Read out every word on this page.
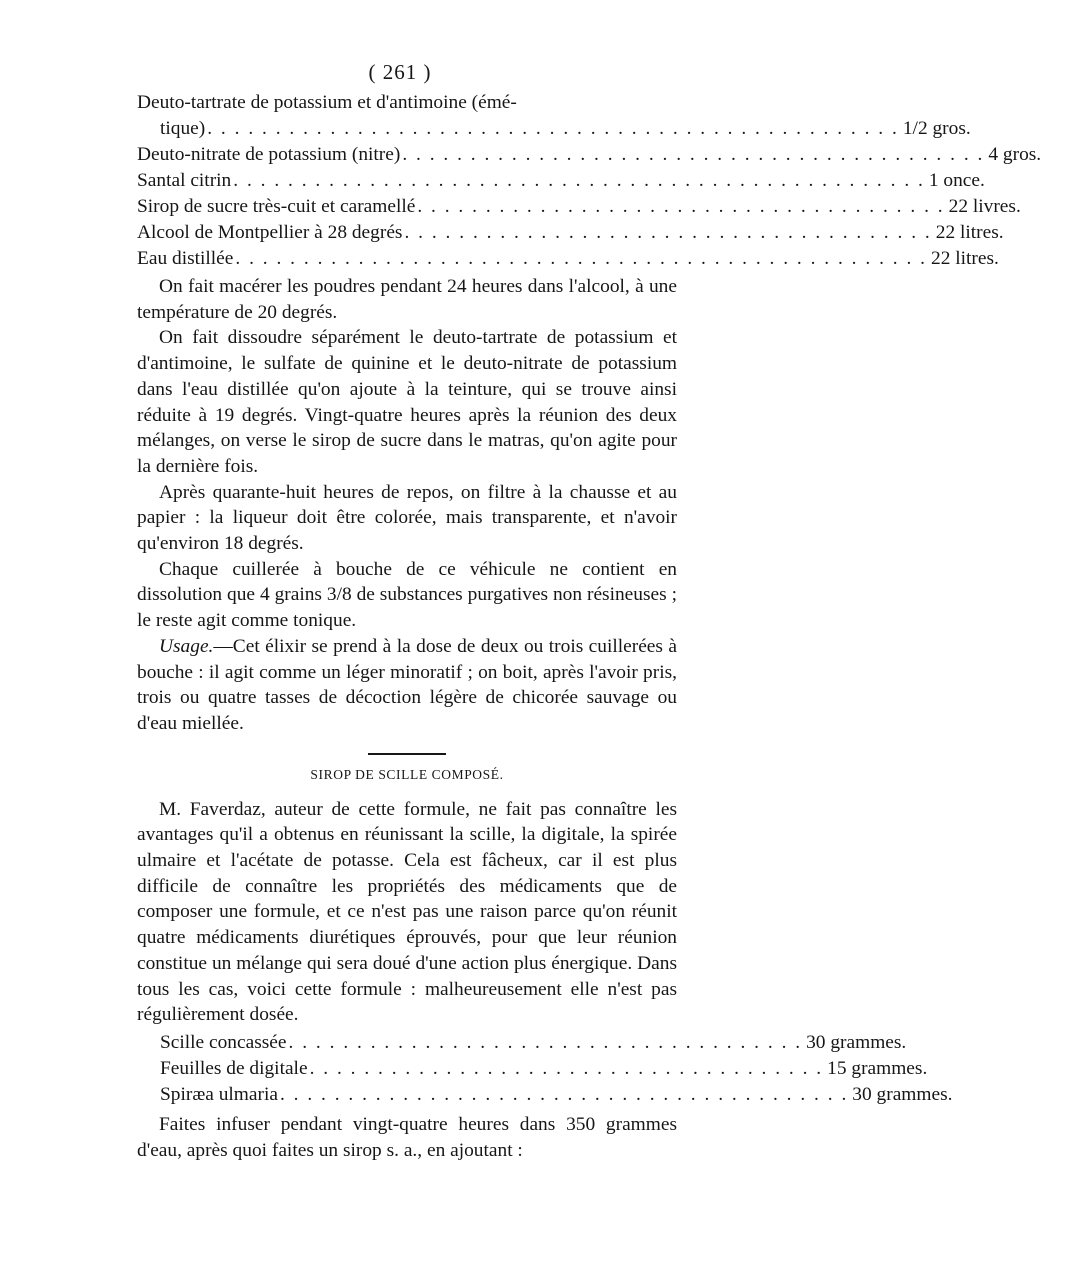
( 261 )
Deuto-tartrate de potassium et d'antimoine (émé-
tique) . . . . . . . . . . . . . . . . . . . . . . . . . . . . . . . . . . . . . . . . . . . . . . . . . . . 1/2 gros.
Deuto-nitrate de potassium (nitre) . . . . . . . . . . . . . . . . . . . . . . . . . . . . . . . . . . . . . . . . . . . 4 gros.
Santal citrin . . . . . . . . . . . . . . . . . . . . . . . . . . . . . . . . . . . . . . . . . . . . . . . . . . . 1 once.
Sirop de sucre très-cuit et caramellé . . . . . . . . . . . . . . . . . . . . . . . . . . . . . . . . . . . . . . . 22 livres.
Alcool de Montpellier à 28 degrés . . . . . . . . . . . . . . . . . . . . . . . . . . . . . . . . . . . . . . . 22 litres.
Eau distillée . . . . . . . . . . . . . . . . . . . . . . . . . . . . . . . . . . . . . . . . . . . . . . . . . . . 22 litres.

On fait macérer les poudres pendant 24 heures dans l'alcool, à une température de 20 degrés.

On fait dissoudre séparément le deuto-tartrate de potassium et d'antimoine, le sulfate de quinine et le deuto-nitrate de potassium dans l'eau distillée qu'on ajoute à la teinture, qui se trouve ainsi réduite à 19 degrés. Vingt-quatre heures après la réunion des deux mélanges, on verse le sirop de sucre dans le matras, qu'on agite pour la dernière fois.

Après quarante-huit heures de repos, on filtre à la chausse et au papier : la liqueur doit être colorée, mais transparente, et n'avoir qu'environ 18 degrés.

Chaque cuillerée à bouche de ce véhicule ne contient en dissolution que 4 grains 3/8 de substances purgatives non résineuses ; le reste agit comme tonique.

Usage.—Cet élixir se prend à la dose de deux ou trois cuillerées à bouche : il agit comme un léger minoratif ; on boit, après l'avoir pris, trois ou quatre tasses de décoction légère de chicorée sauvage ou d'eau miellée.

SIROP DE SCILLE COMPOSÉ.

M. Faverdaz, auteur de cette formule, ne fait pas connaître les avantages qu'il a obtenus en réunissant la scille, la digitale, la spirée ulmaire et l'acétate de potasse. Cela est fâcheux, car il est plus difficile de connaître les propriétés des médicaments que de composer une formule, et ce n'est pas une raison parce qu'on réunit quatre médicaments diurétiques éprouvés, pour que leur réunion constitue un mélange qui sera doué d'une action plus énergique. Dans tous les cas, voici cette formule : malheureusement elle n'est pas régulièrement dosée.

Scille concassée . . . . . . . . . . . . . . . . . . . . . . . . . . . . . . . . . . . . . . 30 grammes.
Feuilles de digitale . . . . . . . . . . . . . . . . . . . . . . . . . . . . . . . . . . . . . . 15 grammes.
Spiræa ulmaria . . . . . . . . . . . . . . . . . . . . . . . . . . . . . . . . . . . . . . . . . . 30 grammes.

Faites infuser pendant vingt-quatre heures dans 350 grammes d'eau, après quoi faites un sirop s. a., en ajoutant :
